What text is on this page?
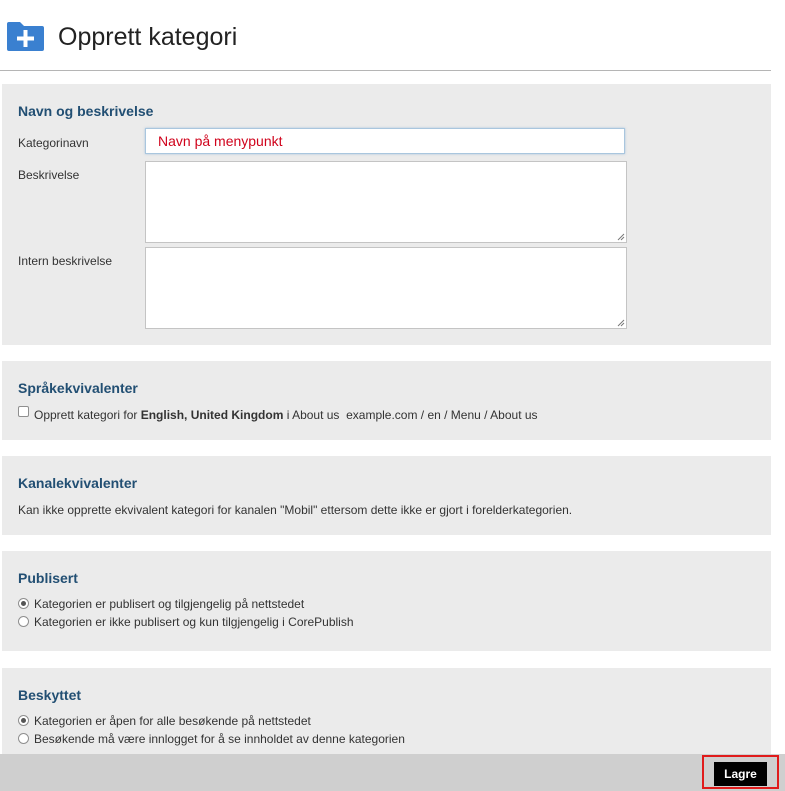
Opprett kategori
Navn og beskrivelse
Kategorinavn
Navn på menypunkt
Beskrivelse
Intern beskrivelse
Språkekvivalenter
Opprett kategori for English, United Kingdom i About us  example.com / en / Menu / About us
Kanalekvivalenter
Kan ikke opprette ekvivalent kategori for kanalen "Mobil" ettersom dette ikke er gjort i forelderkategorien.
Publisert
Kategorien er publisert og tilgjengelig på nettstedet
Kategorien er ikke publisert og kun tilgjengelig i CorePublish
Beskyttet
Kategorien er åpen for alle besøkende på nettstedet
Besøkende må være innlogget for å se innholdet av denne kategorien
Lagre
